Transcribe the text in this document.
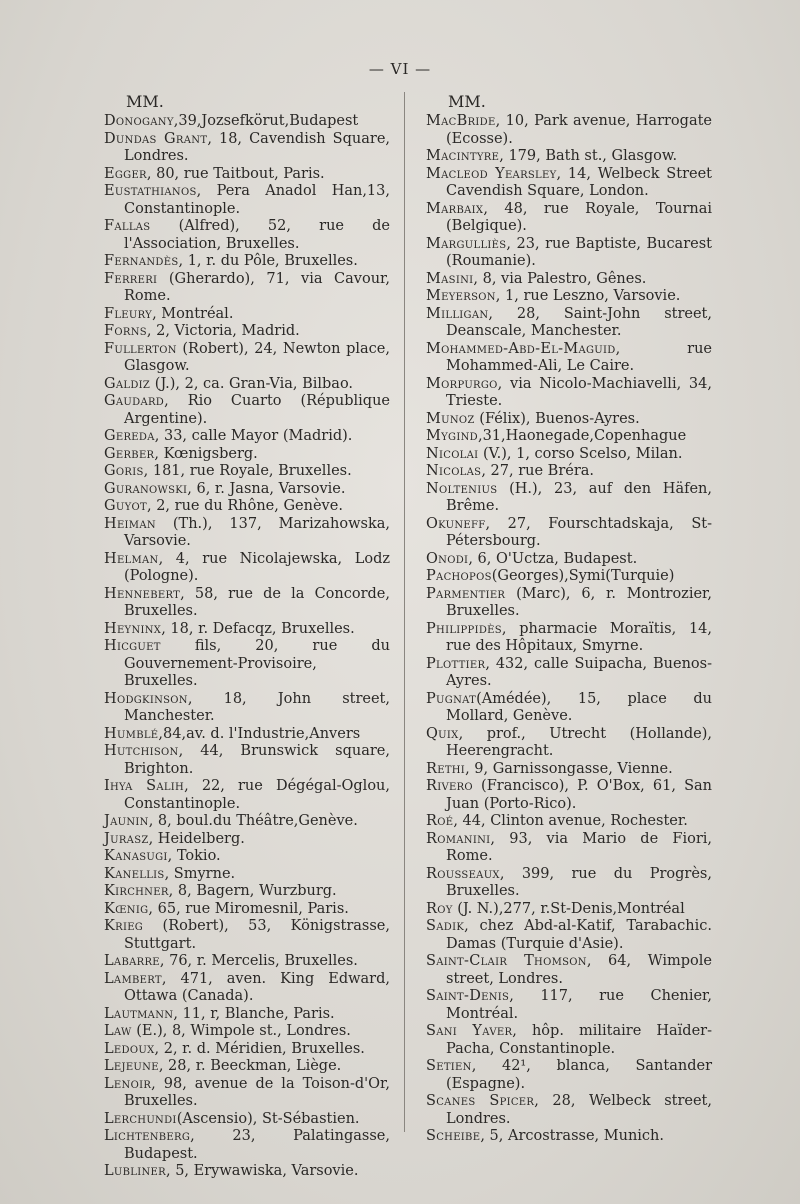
— VI —
MM.

Donogany,39,Jozsefkörut,Budapest

Dundas Grant, 18, Cavendish Square, Londres.

Egger, 80, rue Taitbout, Paris.

Eustathianos, Pera Anadol Han,13, Constantinople.

Fallas (Alfred), 52, rue de l'Association, Bruxelles.

Fernandès, 1, r. du Pôle, Bruxelles.

Ferreri (Gherardo), 71, via Cavour, Rome.

Fleury, Montréal.

Forns, 2, Victoria, Madrid.

Fullerton (Robert), 24, Newton place, Glasgow.

Galdiz (J.), 2, ca. Gran-Via, Bilbao.

Gaudard, Rio Cuarto (République Argentine).

Gereda, 33, calle Mayor (Madrid).

Gerber, Kœnigsberg.

Goris, 181, rue Royale, Bruxelles.

Guranowski, 6, r. Jasna, Varsovie.

Guyot, 2, rue du Rhône, Genève.

Heiman (Th.), 137, Marizahowska, Varsovie.

Helman, 4, rue Nicolajewska, Lodz (Pologne).

Hennebert, 58, rue de la Concorde, Bruxelles.

Heyninx, 18, r. Defacqz, Bruxelles.

Hicguet fils, 20, rue du Gouvernement-Provisoire, Bruxelles.

Hodgkinson, 18, John street, Manchester.

Humblé,84,av. d. l'Industrie,Anvers

Hutchison, 44, Brunswick square, Brighton.

Ihya Salih, 22, rue Dégégal-Oglou, Constantinople.

Jaunin, 8, boul.du Théâtre,Genève.

Jurasz, Heidelberg.

Kanasugi, Tokio.

Kanellis, Smyrne.

Kirchner, 8, Bagern, Wurzburg.

Kœnig, 65, rue Miromesnil, Paris.

Krieg (Robert), 53, Königstrasse, Stuttgart.

Labarre, 76, r. Mercelis, Bruxelles.

Lambert, 471, aven. King Edward, Ottawa (Canada).

Lautmann, 11, r, Blanche, Paris.

Law (E.), 8, Wimpole st., Londres.

Ledoux, 2, r. d. Méridien, Bruxelles.

Lejeune, 28, r. Beeckman, Liège.

Lenoir, 98, avenue de la Toison-d'Or, Bruxelles.

Lerchundi(Ascensio), St-Sébastien.

Lichtenberg, 23, Palatingasse, Budapest.

Lubliner, 5, Erywawiska, Varsovie.

MM.

MacBride, 10, Park avenue, Harrogate (Ecosse).

Macintyre, 179, Bath st., Glasgow.

Macleod Yearsley, 14, Welbeck Street Cavendish Square, London.

Marbaix, 48, rue Royale, Tournai (Belgique).

Margulliès, 23, rue Baptiste, Bucarest (Roumanie).

Masini, 8, via Palestro, Gênes.

Meyerson, 1, rue Leszno, Varsovie.

Milligan, 28, Saint-John street, Deanscale, Manchester.

Mohammed-Abd-El-Maguid, rue Mohammed-Ali, Le Caire.

Morpurgo, via Nicolo-Machiavelli, 34, Trieste.

Munoz (Félix), Buenos-Ayres.

Mygind,31,Haonegade,Copenhague

Nicolai (V.), 1, corso Scelso, Milan.

Nicolas, 27, rue Bréra.

Noltenius (H.), 23, auf den Häfen, Brême.

Okuneff, 27, Fourschtadskaja, St-Pétersbourg.

Onodi, 6, O'Uctza, Budapest.

Pachopos(Georges),Symi(Turquie)

Parmentier (Marc), 6, r. Montrozier, Bruxelles.

Philippidès, pharmacie Moraïtis, 14, rue des Hôpitaux, Smyrne.

Plottier, 432, calle Suipacha, Buenos-Ayres.

Pugnat(Amédée), 15, place du Mollard, Genève.

Quix, prof., Utrecht (Hollande), Heerengracht.

Rethi, 9, Garnissongasse, Vienne.

Rivero (Francisco), P. O'Box, 61, San Juan (Porto-Rico).

Roé, 44, Clinton avenue, Rochester.

Romanini, 93, via Mario de Fiori, Rome.

Rousseaux, 399, rue du Progrès, Bruxelles.

Roy (J. N.),277, r.St-Denis,Montréal

Sadik, chez Abd-al-Katif, Tarabachic. Damas (Turquie d'Asie).

Saint-Clair Thomson, 64, Wimpole street, Londres.

Saint-Denis, 117, rue Chenier, Montréal.

Sani Yaver, hôp. militaire Haïder-Pacha, Constantinople.

Setien, 42¹, blanca, Santander (Espagne).

Scanes Spicer, 28, Welbeck street, Londres.

Scheibe, 5, Arcostrasse, Munich.
